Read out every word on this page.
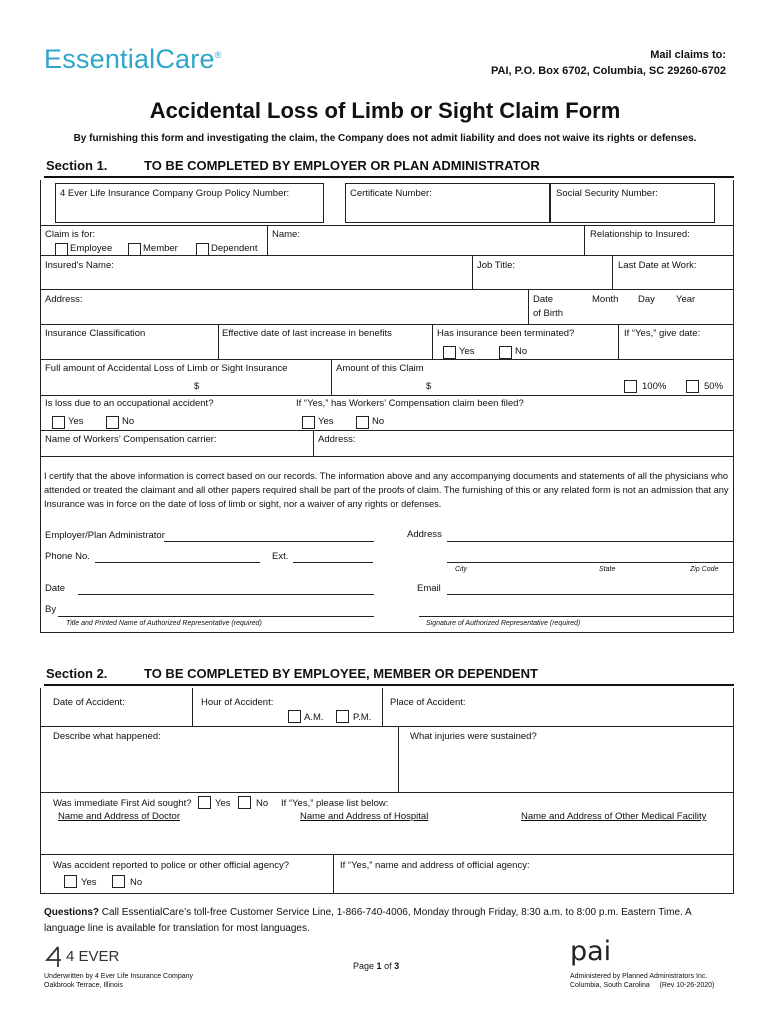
EssentialCare®	Mail claims to:
PAI, P.O. Box 6702, Columbia, SC 29260-6702
Accidental Loss of Limb or Sight Claim Form
By furnishing this form and investigating the claim, the Company does not admit liability and does not waive its rights or defenses.
Section 1.	TO BE COMPLETED BY EMPLOYER OR PLAN ADMINISTRATOR
4 Ever Life Insurance Company Group Policy Number:	Certificate Number:	Social Security Number:
Claim is for:
Employee	Member	Dependent
Name:	Relationship to Insured:
Insured's Name:	Job Title:	Last Date at Work:
Address:	Date
of Birth
Month Day Year
Insurance Classification	Effective date of last increase in benefits	Has insurance been terminated?
Yes	No
If “Yes,” give date:
Full amount of Accidental Loss of Limb or Sight Insurance
$
Amount of this Claim
$	100%	50%
Is loss due to an occupational accident?
Yes	No
If “Yes,” has Workers’ Compensation claim been filed?
Yes	No
Name of Workers’ Compensation carrier:	Address:
I certify that the above information is correct based on our records. The information above and any accompanying documents and statements of all the physicians who attended or treated the claimant and all other papers required shall be part of the proofs of claim. The furnishing of this or any related form is not an admission that any Insurance was in force on the date of loss of limb or sight, nor a waiver of any rights or defenses.
Employer/Plan Administrator	Address
Phone No.	Ext.
City	State	Zip Code
Date	Email
By
Title and Printed Name of Authorized Representative (required)	Signature of Authorized Representative (required)
Section 2.	TO BE COMPLETED BY EMPLOYEE, MEMBER OR DEPENDENT
Date of Accident:	Hour of Accident:
A.M.	P.M.
Place of Accident:
Describe what happened:	What injuries were sustained?
Was immediate First Aid sought? Yes	No If “Yes,” please list below:
Name and Address of Doctor	Name and Address of Hospital	Name and Address of Other Medical Facility
Was accident reported to police or other official agency?
Yes	No
If “Yes,” name and address of official agency:
Questions? Call EssentialCare’s toll-free Customer Service Line, 1-866-740-4006, Monday through Friday, 8:30 a.m. to 8:00 p.m. Eastern Time. A language line is available for translation for most languages.
4 EVER
Underwritten by 4 Ever Life Insurance Company
Oakbrook Terrace, Illinois
Page 1 of 3	pai
Administered by Planned Administrators Inc.
Columbia, South Carolina (Rev 10-26-2020)
